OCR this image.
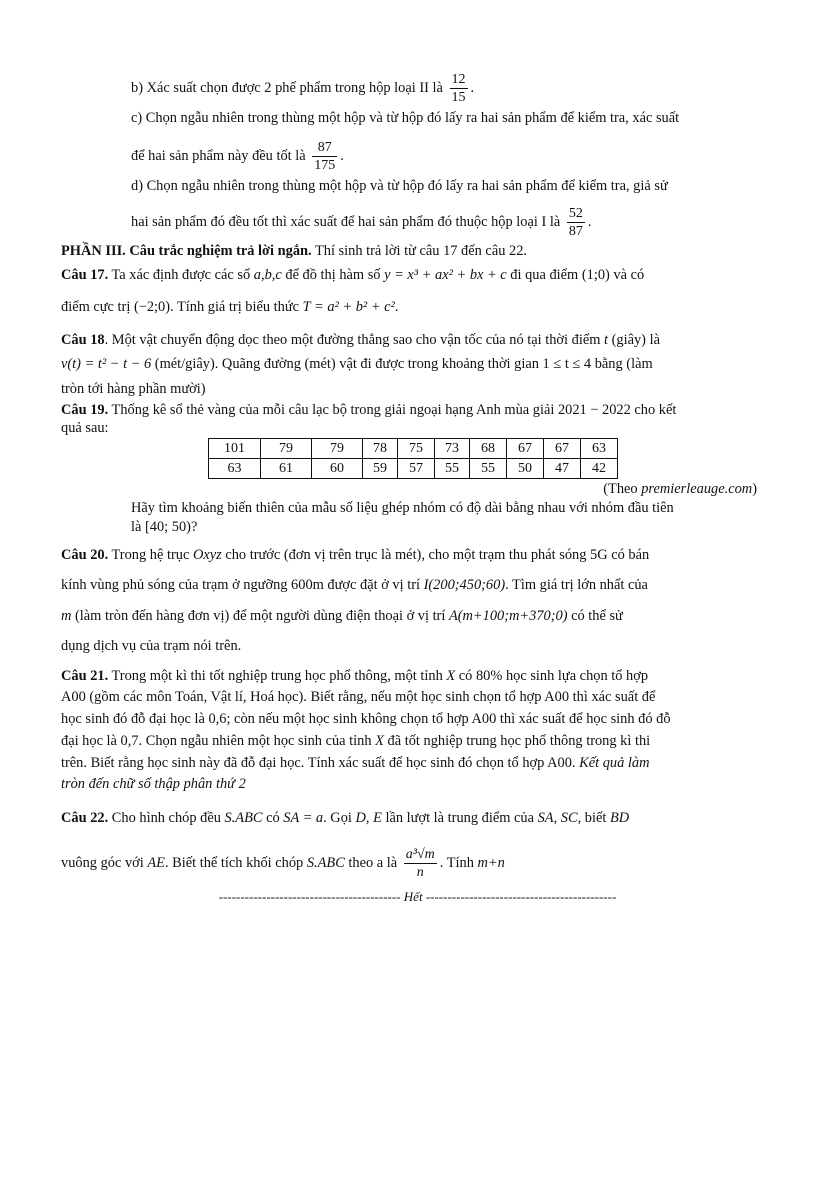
b) Xác suất chọn được 2 phế phẩm trong hộp loại II là $\frac{12}{15}$ .
c) Chọn ngẫu nhiên trong thùng một hộp và từ hộp đó lấy ra hai sản phẩm để kiểm tra, xác suất
để hai sản phẩm này đều tốt là $\frac{87}{175}$ .
d) Chọn ngẫu nhiên trong thùng một hộp và từ hộp đó lấy ra hai sản phẩm để kiểm tra, giả sử
hai sản phẩm đó đều tốt thì xác suất để hai sản phẩm đó thuộc hộp loại I là $\frac{52}{87}$ .
PHẦN III. Câu trắc nghiệm trả lời ngắn. Thí sinh trả lời từ câu 17 đến câu 22.
Câu 17. Ta xác định được các số a,b,c để đồ thị hàm số y = x³ + ax² + bx + c đi qua điểm (1;0) và có
điểm cực trị (−2;0). Tính giá trị biểu thức T = a² + b² + c².
Câu 18. Một vật chuyển động dọc theo một đường thẳng sao cho vận tốc của nó tại thời điểm t (giây) là
v(t) = t² − t − 6 (mét/giây). Quãng đường (mét) vật đi được trong khoảng thời gian 1 ≤ t ≤ 4 bằng (làm
tròn tới hàng phần mười)
Câu 19. Thống kê số thẻ vàng của mỗi câu lạc bộ trong giải ngoại hạng Anh mùa giải 2021 − 2022 cho kết
quả sau:
101	79	79	78	75	73	68	67	67	63
63	61	60	59	57	55	55	50	47	42
(Theo premierleauge.com)
Hãy tìm khoảng biến thiên của mẫu số liệu ghép nhóm có độ dài bằng nhau với nhóm đầu tiên
là [40; 50)?
Câu 20. Trong hệ trục Oxyz cho trước (đơn vị trên trục là mét), cho một trạm thu phát sóng 5G có bán
kính vùng phủ sóng của trạm ở ngưỡng 600m được đặt ở vị trí I(200;450;60). Tìm giá trị lớn nhất của
m (làm tròn đến hàng đơn vị) để một người dùng điện thoại ở vị trí A(m+100;m+370;0) có thể sử
dụng dịch vụ của trạm nói trên.
Câu 21. Trong một kì thi tốt nghiệp trung học phổ thông, một tỉnh X có 80% học sinh lựa chọn tổ hợp
A00 (gồm các môn Toán, Vật lí, Hoá học). Biết rằng, nếu một học sinh chọn tổ hợp A00 thì xác suất để
học sinh đó đỗ đại học là 0,6; còn nếu một học sinh không chọn tổ hợp A00 thì xác suất để học sinh đó đỗ
đại học là 0,7. Chọn ngẫu nhiên một học sinh của tỉnh X đã tốt nghiệp trung học phổ thông trong kì thi
trên. Biết rằng học sinh này đã đỗ đại học. Tính xác suất để học sinh đó chọn tổ hợp A00. Kết quả làm
tròn đến chữ số thập phân thứ 2
Câu 22. Cho hình chóp đều S.ABC có SA = a. Gọi D, E lần lượt là trung điểm của SA, SC, biết BD
vuông góc với AE. Biết thể tích khối chóp S.ABC theo a là $\frac{\text{a³√m}}{n}$ . Tính m+n
------------------------------------------ Hết --------------------------------------------
